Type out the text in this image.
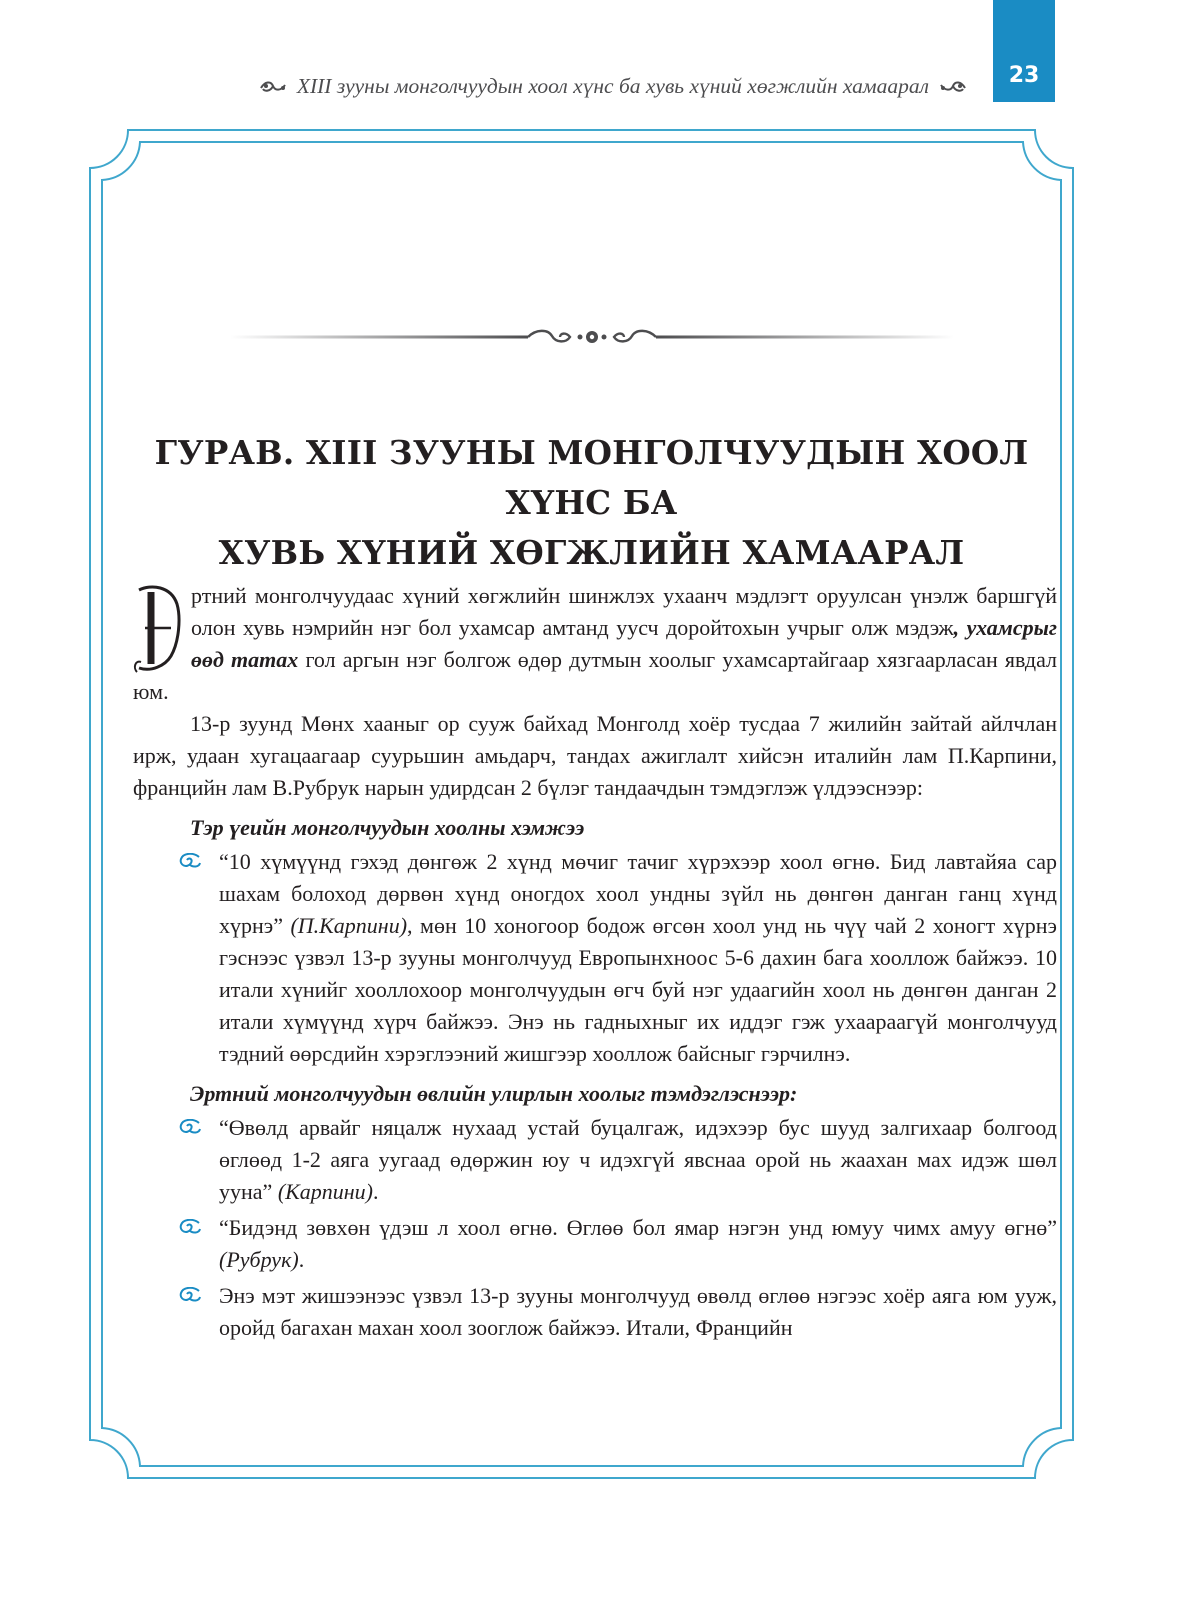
23
XIII зууны монголчуудын хоол хүнс ба хувь хүний хөгжлийн хамаарал
ГУРАВ. XIII ЗУУНЫ МОНГОЛЧУУДЫН ХООЛ ХҮНС БА
ХУВЬ ХҮНИЙ ХӨГЖЛИЙН ХАМААРАЛ

Э	ртний монголчуудаас хүний хөгжлийн шинжлэх ухаанч мэдлэгт оруулсан үнэлж баршгүй олон хувь нэмрийн нэг бол ухамсар амтанд уусч доройтохын учрыг олж мэдэж, ухамсрыг өөд татах гол аргын нэг болгож өдөр дутмын хоолыг ухамсартайгаар хязгаарласан явдал юм.

13-р зуунд Мөнх хааныг ор сууж байхад Монголд хоёр тусдаа 7 жилийн зайтай айлчлан ирж, удаан хугацаагаар суурьшин амьдарч, тандах ажиглалт хийсэн италийн лам П.Карпини, францийн лам В.Рубрук нарын удирдсан 2 бүлэг тандаачдын тэмдэглэж үлдээснээр:

Тэр үеийн монголчуудын хоолны хэмжээ

“10 хүмүүнд гэхэд дөнгөж 2 хүнд мөчиг тачиг хүрэхээр хоол өгнө. Бид лавтайяа сар шахам болоход дөрвөн хүнд оногдох хоол ундны зүйл нь дөнгөн данган ганц хүнд хүрнэ” (П.Карпини), мөн 10 хоногоор бодож өгсөн хоол унд нь чүү чай 2 хоногт хүрнэ гэснээс үзвэл 13-р зууны монголчууд Европынхноос 5-6 дахин бага хооллож байжээ. 10 итали хүнийг хооллохоор монголчуудын өгч буй нэг удаагийн хоол нь дөнгөн данган 2 итали хүмүүнд хүрч байжээ. Энэ нь гадныхныг их иддэг гэж ухаараагүй монголчууд тэдний өөрсдийн хэрэглээний жишгээр хооллож байсныг гэрчилнэ.

Эртний монголчуудын өвлийн улирлын хоолыг тэмдэглэснээр:

“Өвөлд арвайг няцалж нухаад устай буцалгаж, идэхээр бус шууд залгихаар болгоод өглөөд 1-2 аяга уугаад өдөржин юу ч идэхгүй явснаа орой нь жаахан мах идэж шөл ууна” (Карпини).

“Бидэнд зөвхөн үдэш л хоол өгнө. Өглөө бол ямар нэгэн унд юмуу чимх амуу өгнө” (Рубрук).

Энэ мэт жишээнээс үзвэл 13-р зууны монголчууд өвөлд өглөө нэгээс хоёр аяга юм ууж, оройд багахан махан хоол зооглож байжээ. Итали, Францийн
